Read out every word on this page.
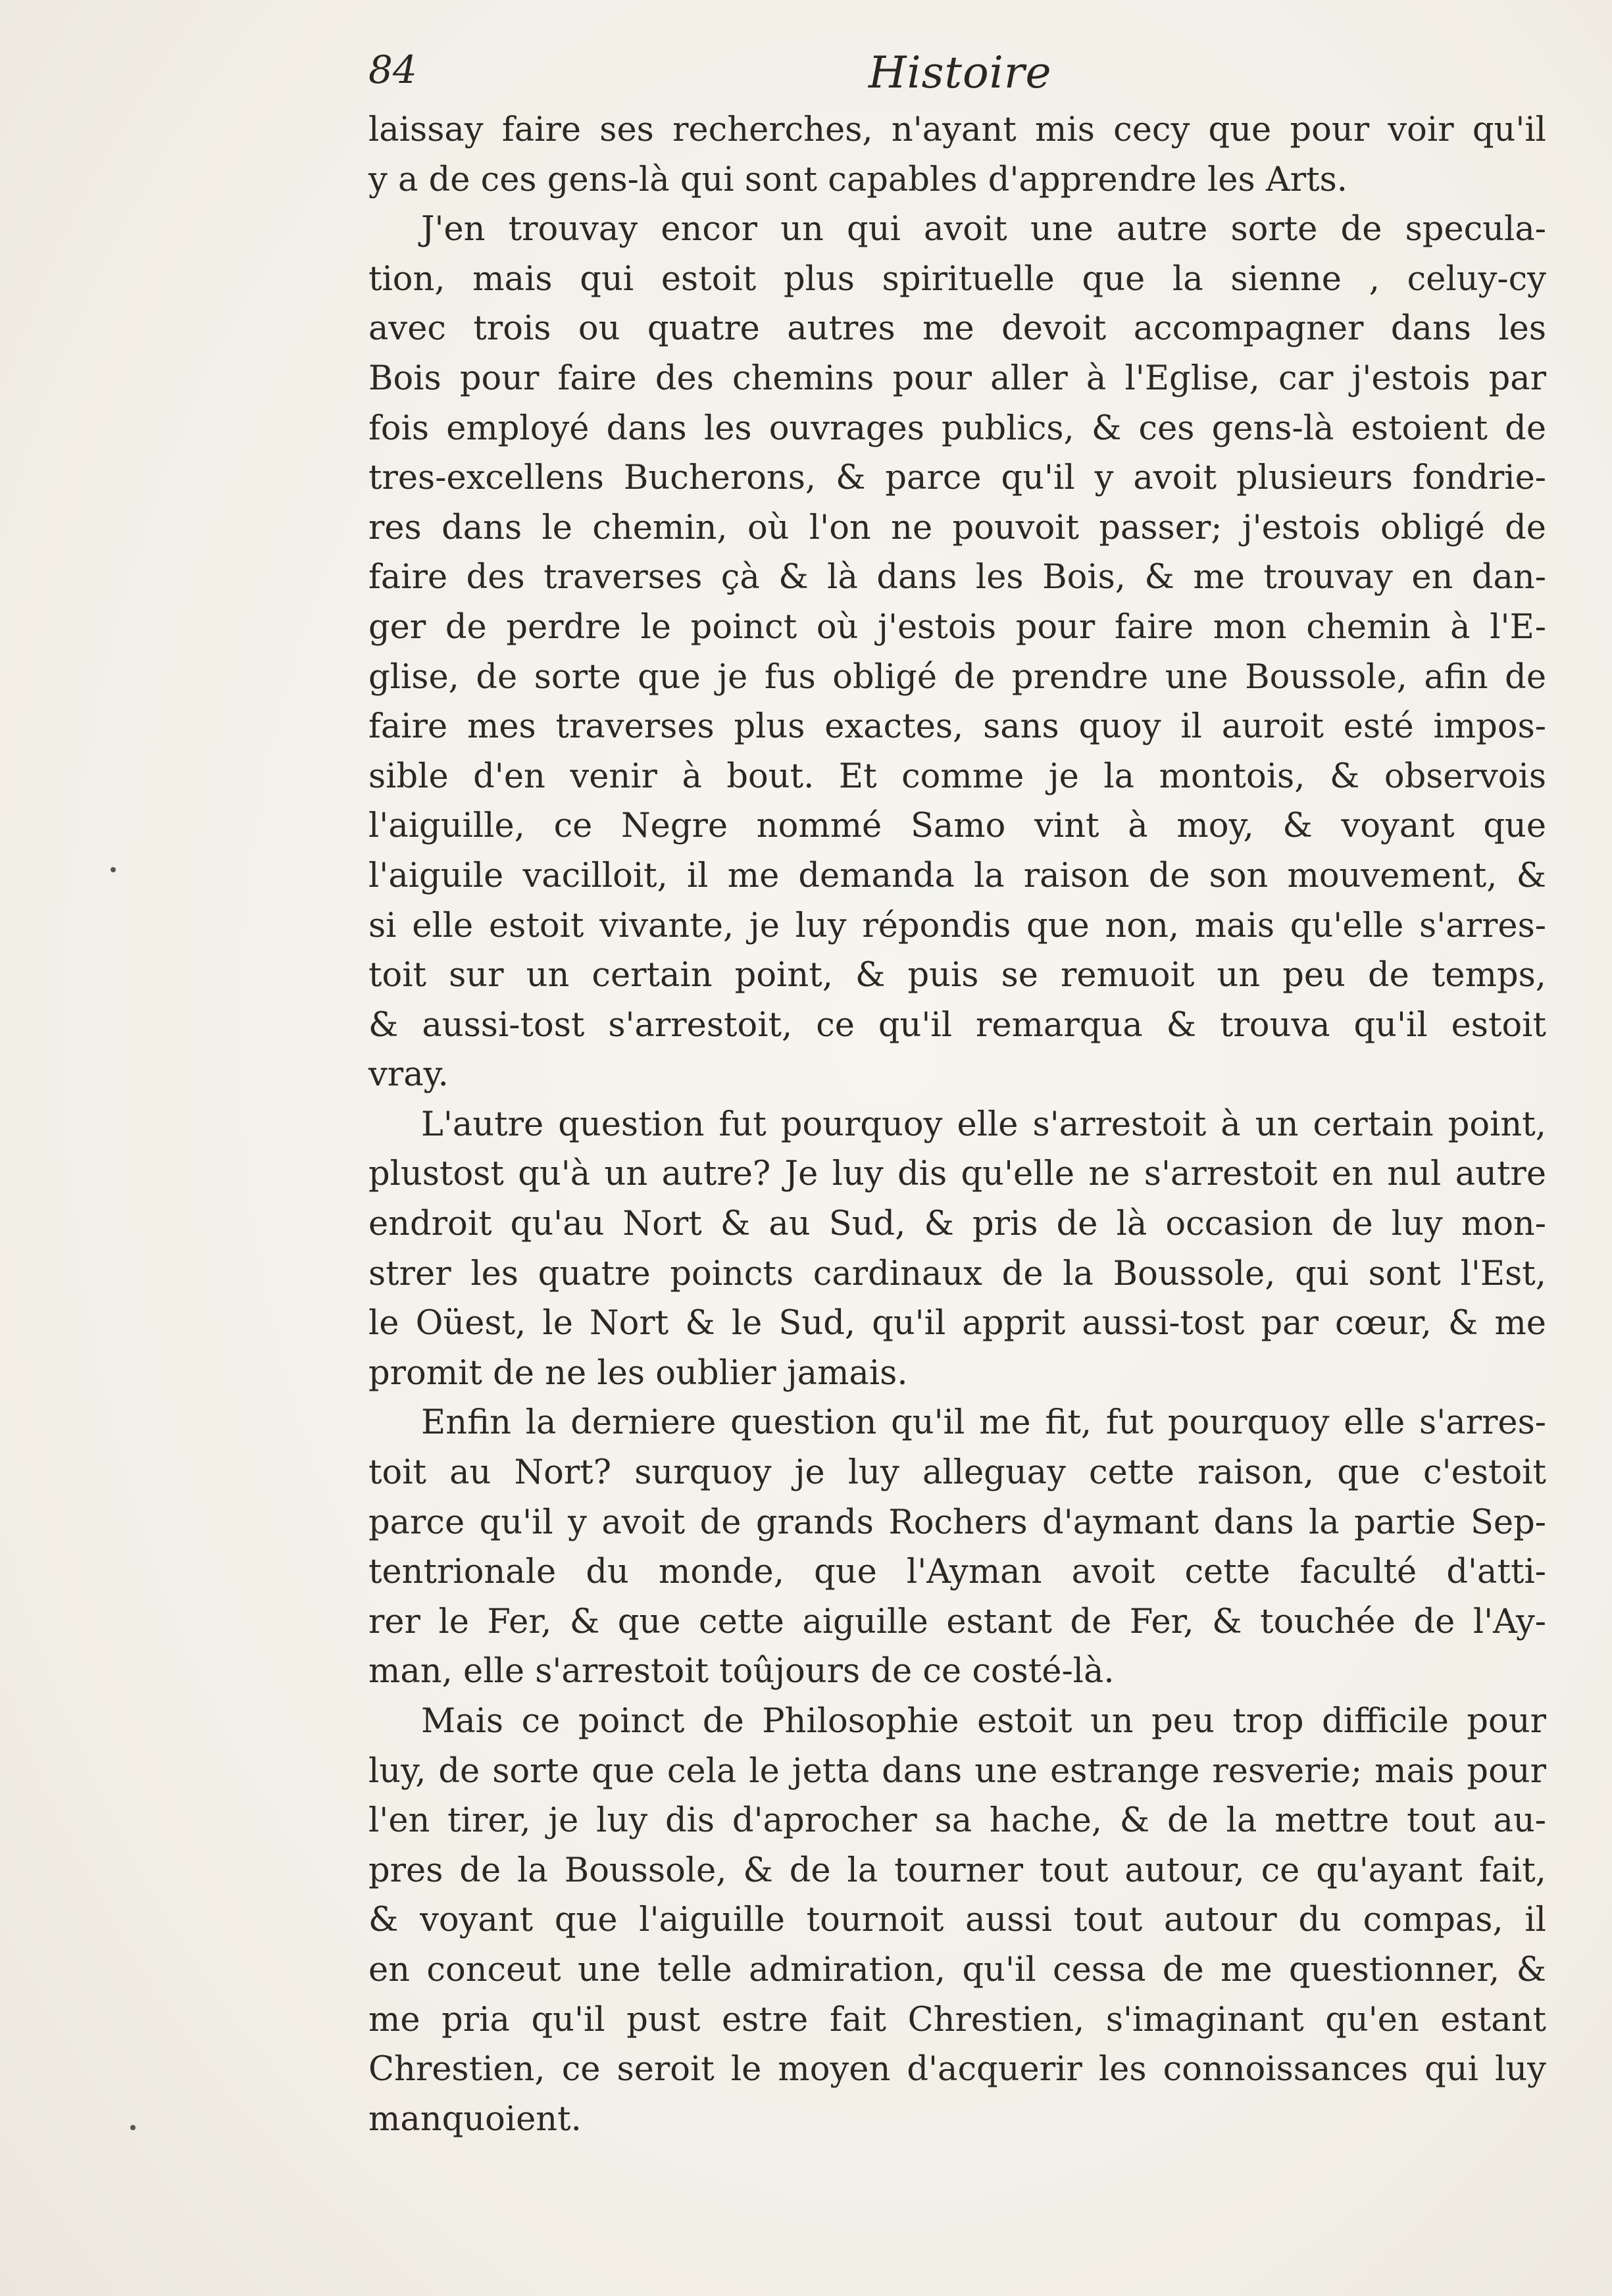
84	Histoire
laissay faire ses recherches, n'ayant mis cecy que pour voir qu'il
y a de ces gens-là qui sont capables d'apprendre les Arts.
J'en trouvay encor un qui avoit une autre sorte de specula-
tion, mais qui estoit plus spirituelle que la sienne , celuy-cy
avec trois ou quatre autres me devoit accompagner dans les
Bois pour faire des chemins pour aller à l'Eglise, car j'estois par
fois employé dans les ouvrages publics, & ces gens-là estoient de
tres-excellens Bucherons, & parce qu'il y avoit plusieurs fondrie-
res dans le chemin, où l'on ne pouvoit passer; j'estois obligé de
faire des traverses çà & là dans les Bois, & me trouvay en dan-
ger de perdre le poinct où j'estois pour faire mon chemin à l'E-
glise, de sorte que je fus obligé de prendre une Boussole, afin de
faire mes traverses plus exactes, sans quoy il auroit esté impos-
sible d'en venir à bout. Et comme je la montois, & observois
l'aiguille, ce Negre nommé Samo vint à moy, & voyant que
l'aiguile vacilloit, il me demanda la raison de son mouvement, &
si elle estoit vivante, je luy répondis que non, mais qu'elle s'arres-
toit sur un certain point, & puis se remuoit un peu de temps,
& aussi-tost s'arrestoit, ce qu'il remarqua & trouva qu'il estoit
vray.
L'autre question fut pourquoy elle s'arrestoit à un certain point,
plustost qu'à un autre? Je luy dis qu'elle ne s'arrestoit en nul autre
endroit qu'au Nort & au Sud, & pris de là occasion de luy mon-
strer les quatre poincts cardinaux de la Boussole, qui sont l'Est,
le Oüest, le Nort & le Sud, qu'il apprit aussi-tost par cœur, & me
promit de ne les oublier jamais.
Enfin la derniere question qu'il me fit, fut pourquoy elle s'arres-
toit au Nort? surquoy je luy alleguay cette raison, que c'estoit
parce qu'il y avoit de grands Rochers d'aymant dans la partie Sep-
tentrionale du monde, que l'Ayman avoit cette faculté d'atti-
rer le Fer, & que cette aiguille estant de Fer, & touchée de l'Ay-
man, elle s'arrestoit toûjours de ce costé-là.
Mais ce poinct de Philosophie estoit un peu trop difficile pour
luy, de sorte que cela le jetta dans une estrange resverie; mais pour
l'en tirer, je luy dis d'aprocher sa hache, & de la mettre tout au-
pres de la Boussole, & de la tourner tout autour, ce qu'ayant fait,
& voyant que l'aiguille tournoit aussi tout autour du compas, il
en conceut une telle admiration, qu'il cessa de me questionner, &
me pria qu'il pust estre fait Chrestien, s'imaginant qu'en estant
Chrestien, ce seroit le moyen d'acquerir les connoissances qui luy
manquoient.
